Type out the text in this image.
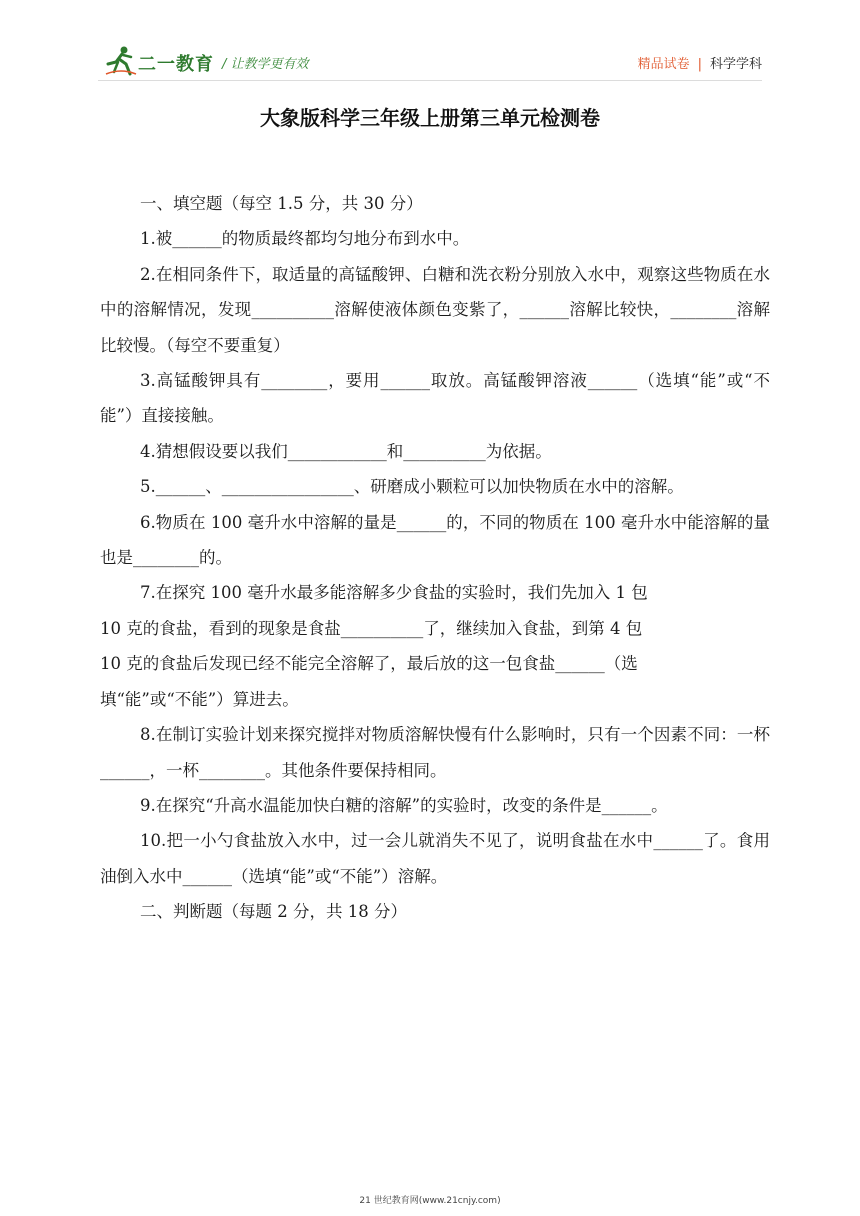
二一教育 / 让教学更有效	精品试卷 | 科学学科
大象版科学三年级上册第三单元检测卷

一、填空题（每空 1.5 分，共 30 分）

1.被______的物质最终都均匀地分布到水中。

2.在相同条件下，取适量的高锰酸钾、白糖和洗衣粉分别放入水中，观察这些物质在水中的溶解情况，发现__________溶解使液体颜色变紫了，______溶解比较快，________溶解比较慢。（每空不要重复）

3.高锰酸钾具有________，要用______取放。高锰酸钾溶液______（选填“能”或“不能”）直接接触。

4.猜想假设要以我们____________和__________为依据。

5.______、________________、研磨成小颗粒可以加快物质在水中的溶解。

6.物质在 100 毫升水中溶解的量是______的，不同的物质在 100 毫升水中能溶解的量也是________的。

7.在探究 100 毫升水最多能溶解多少食盐的实验时，我们先加入 1 包

10 克的食盐，看到的现象是食盐__________了，继续加入食盐，到第 4 包

10 克的食盐后发现已经不能完全溶解了，最后放的这一包食盐______（选

填“能”或“不能”）算进去。

8.在制订实验计划来探究搅拌对物质溶解快慢有什么影响时，只有一个因素不同：一杯______，一杯________。其他条件要保持相同。

9.在探究“升高水温能加快白糖的溶解”的实验时，改变的条件是______。

10.把一小勺食盐放入水中，过一会儿就消失不见了，说明食盐在水中______了。食用油倒入水中______（选填“能”或“不能”）溶解。

二、判断题（每题 2 分，共 18 分）

21 世纪教育网(www.21cnjy.com)
